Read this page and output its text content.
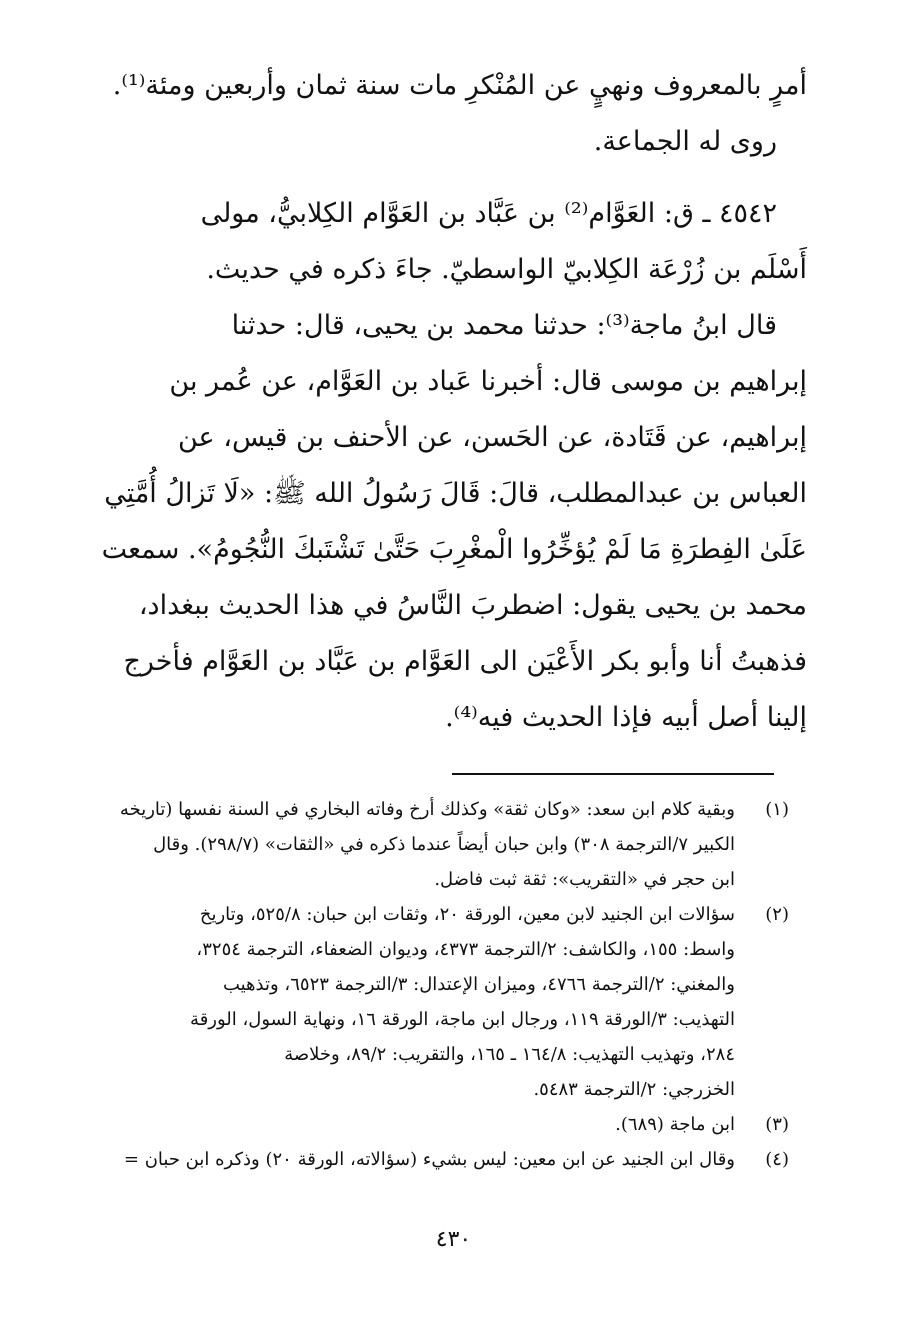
أمرٍ بالمعروف ونهيٍ عن المُنْكرِ مات سنة ثمان وأربعين ومئة⁽¹⁾.
روى له الجماعة.

٤٥٤٢ ـ ق: العَوَّام⁽²⁾ بن عَبَّاد بن العَوَّام الكِلابيُّ، مولى
أَسْلَم بن زُرْعَة الكِلابيّ الواسطيّ. جاءَ ذكره في حديث.
قال ابنُ ماجة⁽³⁾: حدثنا محمد بن يحيى، قال: حدثنا
إبراهيم بن موسى قال: أخبرنا عَباد بن العَوَّام، عن عُمر بن
إبراهيم، عن قَتَادة، عن الحَسن، عن الأحنف بن قيس، عن
العباس بن عبدالمطلب، قالَ: قَالَ رَسُولُ الله ﷺ: «لَا تَزالُ أُمَّتِي
عَلَىٰ الفِطرَةِ مَا لَمْ يُؤخِّرُوا الْمغْرِبَ حَتَّىٰ تَشْتَبكَ النُّجُومُ». سمعت
محمد بن يحيى يقول: اضطربَ النَّاسُ في هذا الحديث ببغداد،
فذهبتُ أنا وأبو بكر الأَعْيَن الى العَوَّام بن عَبَّاد بن العَوَّام فأخرج
إلينا أصل أبيه فإذا الحديث فيه⁽⁴⁾.

(١)
وبقية كلام ابن سعد: «وكان ثقة» وكذلك أرخ وفاته البخاري في السنة نفسها (تاريخه
الكبير ٧/الترجمة ٣٠٨) وابن حبان أيضاً عندما ذكره في «الثقات» (٢٩٨/٧). وقال
ابن حجر في «التقريب»: ثقة ثبت فاضل.
(٢)
سؤالات ابن الجنيد لابن معين، الورقة ٢٠، وثقات ابن حبان: ٥٢٥/٨، وتاريخ
واسط: ١٥٥، والكاشف: ٢/الترجمة ٤٣٧٣، وديوان الضعفاء، الترجمة ٣٢٥٤،
والمغني: ٢/الترجمة ٤٧٦٦، وميزان الإعتدال: ٣/الترجمة ٦٥٢٣، وتذهيب
التهذيب: ٣/الورقة ١١٩، ورجال ابن ماجة، الورقة ١٦، ونهاية السول، الورقة
٢٨٤، وتهذيب التهذيب: ١٦٤/٨ ـ ١٦٥، والتقريب: ٨٩/٢، وخلاصة
الخزرجي: ٢/الترجمة ٥٤٨٣.
(٣)
ابن ماجة (٦٨٩).
(٤)
وقال ابن الجنيد عن ابن معين: ليس بشيء (سؤالاته، الورقة ٢٠) وذكره ابن حبان =
٤٣٠
